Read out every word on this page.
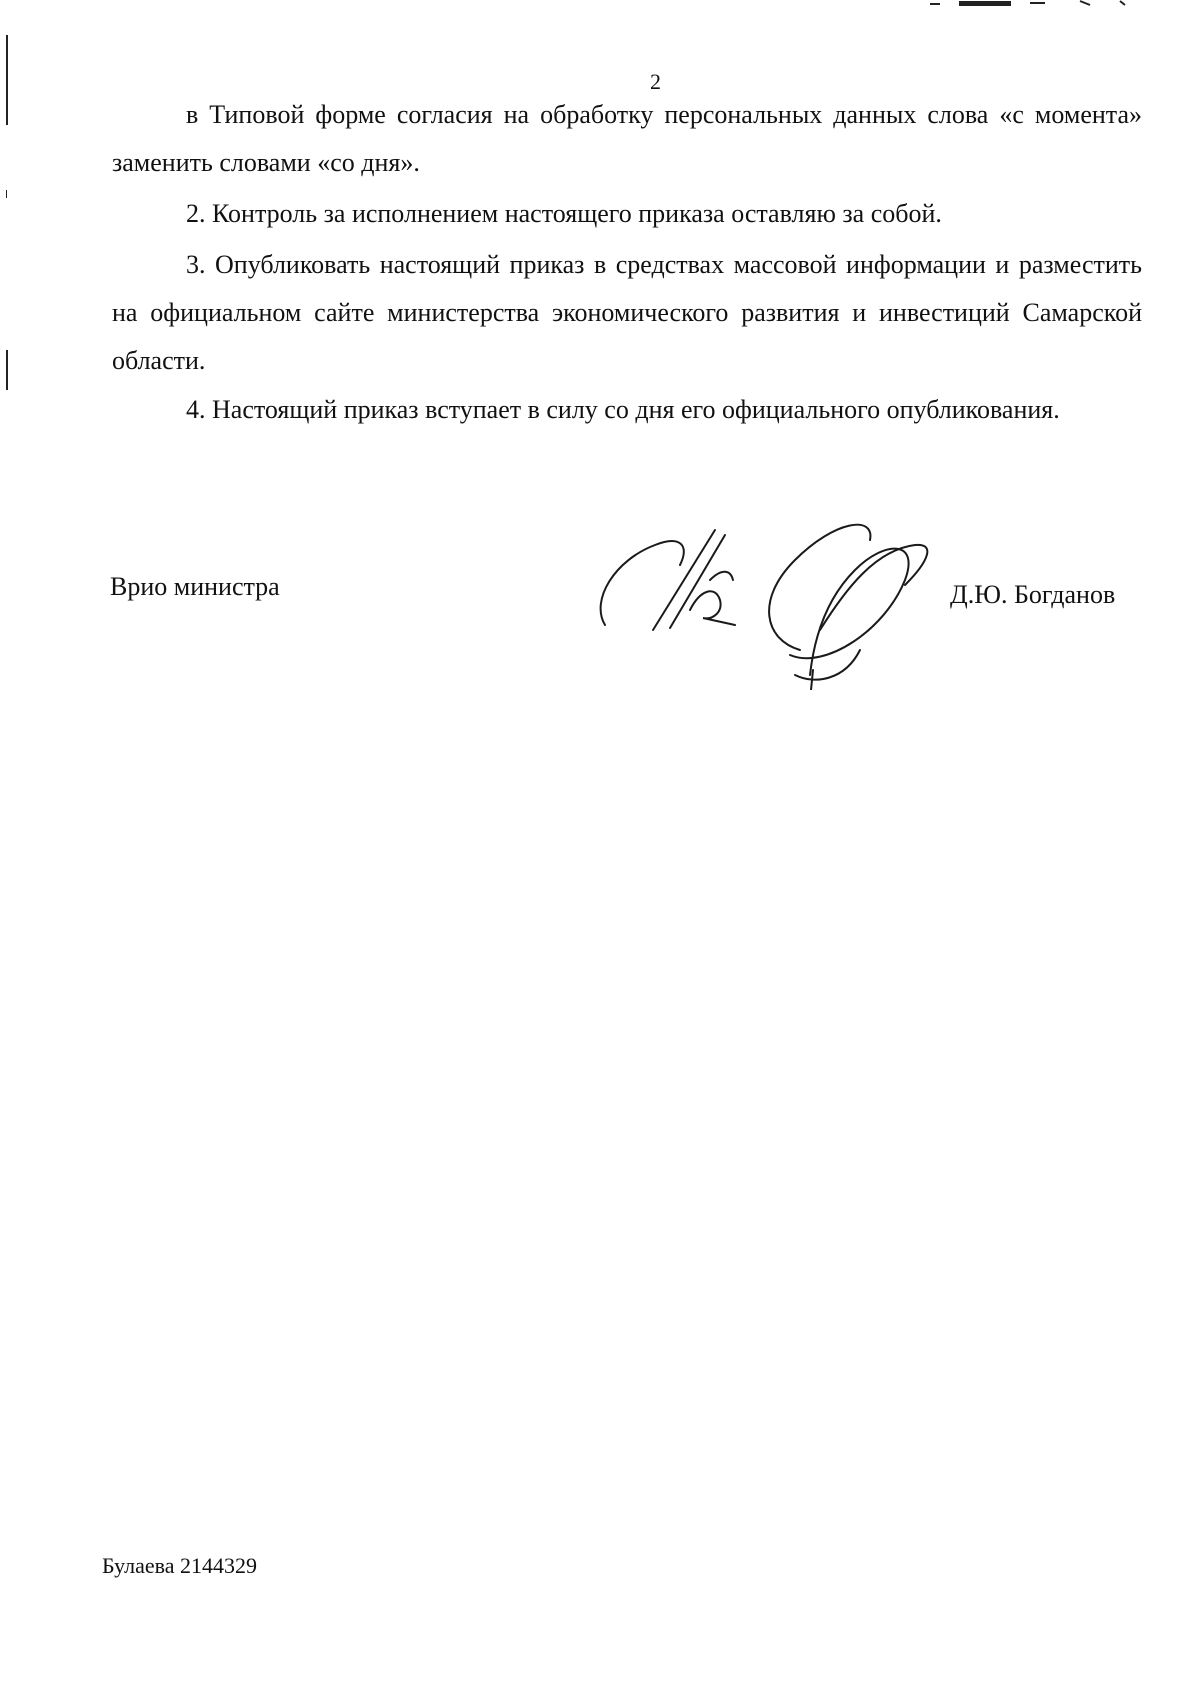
2
в Типовой форме согласия на обработку персональных данных слова «с момента» заменить словами «со дня».
2. Контроль за исполнением настоящего приказа оставляю за собой.
3. Опубликовать настоящий приказ в средствах массовой информации и разместить на официальном сайте министерства экономического развития и инвестиций Самарской области.
4. Настоящий приказ вступает в силу со дня его официального опубликования.
Врио министра	Д.Ю. Богданов
Булаева 2144329
